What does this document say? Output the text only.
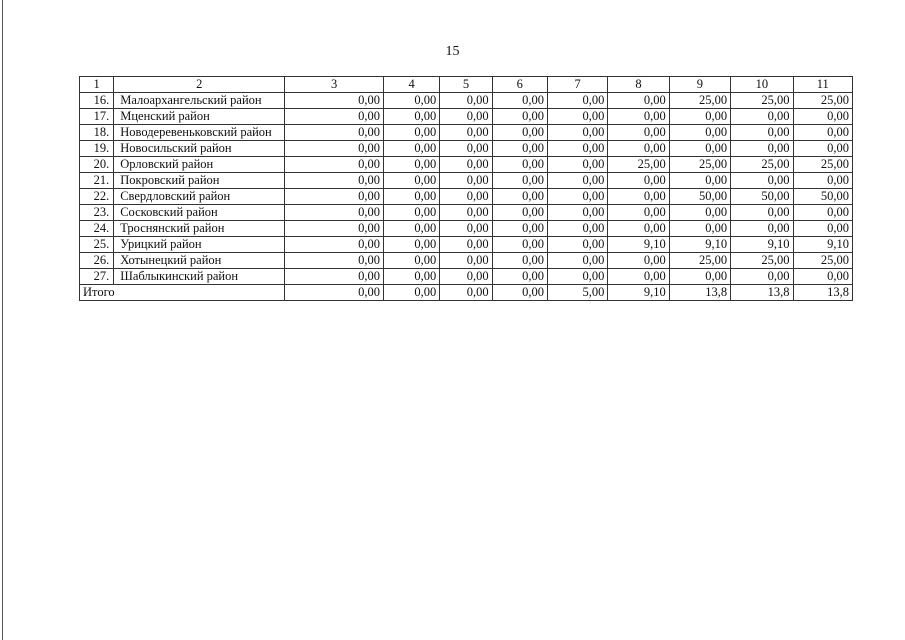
15
1	2	3	4	5	6	7	8	9	10	11
16.	Малоархангельский район	0,00	0,00	0,00	0,00	0,00	0,00	25,00	25,00	25,00
17.	Мценский район	0,00	0,00	0,00	0,00	0,00	0,00	0,00	0,00	0,00
18.	Новодеревеньковский район	0,00	0,00	0,00	0,00	0,00	0,00	0,00	0,00	0,00
19.	Новосильский район	0,00	0,00	0,00	0,00	0,00	0,00	0,00	0,00	0,00
20.	Орловский район	0,00	0,00	0,00	0,00	0,00	25,00	25,00	25,00	25,00
21.	Покровский район	0,00	0,00	0,00	0,00	0,00	0,00	0,00	0,00	0,00
22.	Свердловский район	0,00	0,00	0,00	0,00	0,00	0,00	50,00	50,00	50,00
23.	Сосковский район	0,00	0,00	0,00	0,00	0,00	0,00	0,00	0,00	0,00
24.	Троснянский район	0,00	0,00	0,00	0,00	0,00	0,00	0,00	0,00	0,00
25.	Урицкий район	0,00	0,00	0,00	0,00	0,00	9,10	9,10	9,10	9,10
26.	Хотынецкий район	0,00	0,00	0,00	0,00	0,00	0,00	25,00	25,00	25,00
27.	Шаблыкинский район	0,00	0,00	0,00	0,00	0,00	0,00	0,00	0,00	0,00
Итого		0,00	0,00	0,00	0,00	5,00	9,10	13,8	13,8	13,8
